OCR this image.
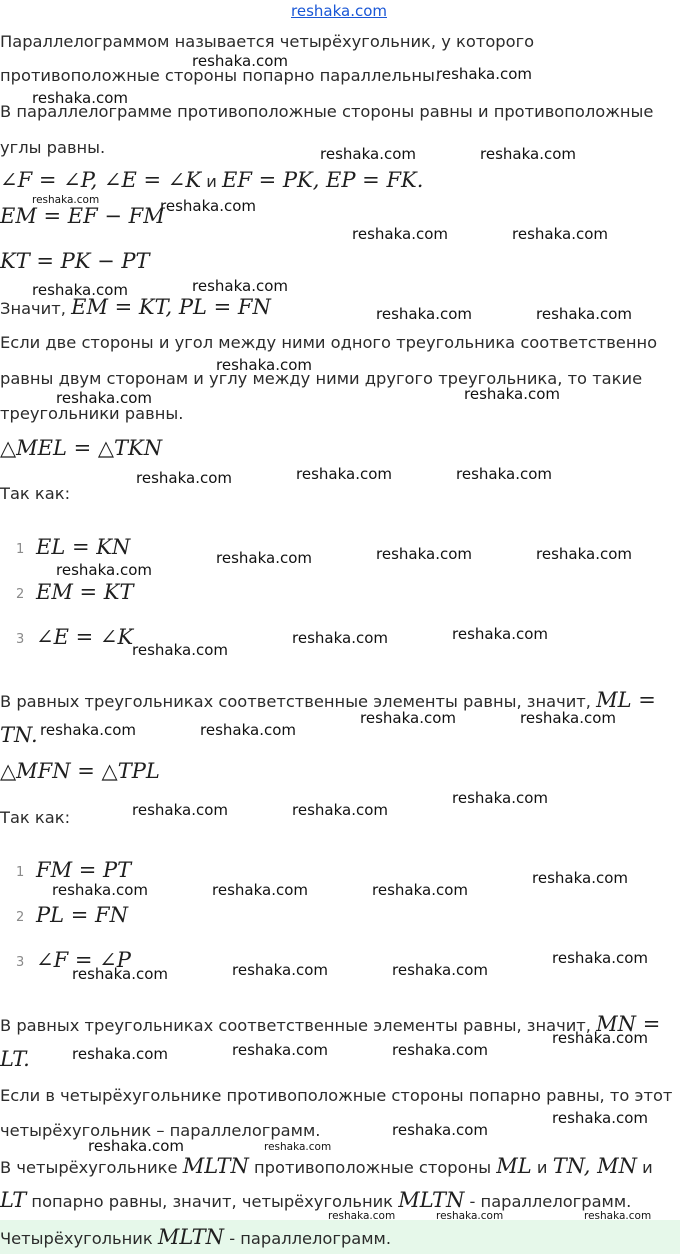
reshaka.com
Параллелограммом называется четырёхугольник, у которого
противоположные стороны попарно параллельны.
В параллелограмме противоположные стороны равны и противоположные
углы равны.
∠F = ∠P, ∠E = ∠K и EF = PK, EP = FK.
EM = EF − FM
KT = PK − PT
Значит, EM = KT, PL = FN
Если две стороны и угол между ними одного треугольника соответственно
равны двум сторонам и углу между ними другого треугольника, то такие
треугольники равны.
△MEL = △TKN
Так как:
1 EL = KN
2 EM = KT
3 ∠E = ∠K
В равных треугольниках соответственные элементы равны, значит, ML =
TN.
△MFN = △TPL
Так как:
1 FM = PT
2 PL = FN
3 ∠F = ∠P
В равных треугольниках соответственные элементы равны, значит, MN =
LT.
Если в четырёхугольнике противоположные стороны попарно равны, то этот
четырёхугольник – параллелограмм.
В четырёхугольнике MLTN противоположные стороны ML и TN, MN и
LT попарно равны, значит, четырёхугольник MLTN - параллелограмм.
Четырёхугольник MLTN - параллелограмм.
reshaka.com
reshaka.com
reshaka.com
reshaka.com	reshaka.com
reshaka.com	reshaka.com
reshaka.com	reshaka.com
reshaka.com
reshaka.com
reshaka.com	reshaka.com
reshaka.com
reshaka.com
reshaka.com
reshaka.com	reshaka.com
reshaka.com
reshaka.com	reshaka.com
reshaka.com
reshaka.com
reshaka.com
reshaka.com
reshaka.com
reshaka.com	reshaka.com
reshaka.com	reshaka.com
reshaka.com
reshaka.com	reshaka.com
reshaka.com
reshaka.com	reshaka.com	reshaka.com
reshaka.com
reshaka.com	reshaka.com
reshaka.com
reshaka.com
reshaka.com	reshaka.com
reshaka.com
reshaka.com
reshaka.com
reshaka.com	reshaka.com
reshaka.com	reshaka.com	reshaka.com
